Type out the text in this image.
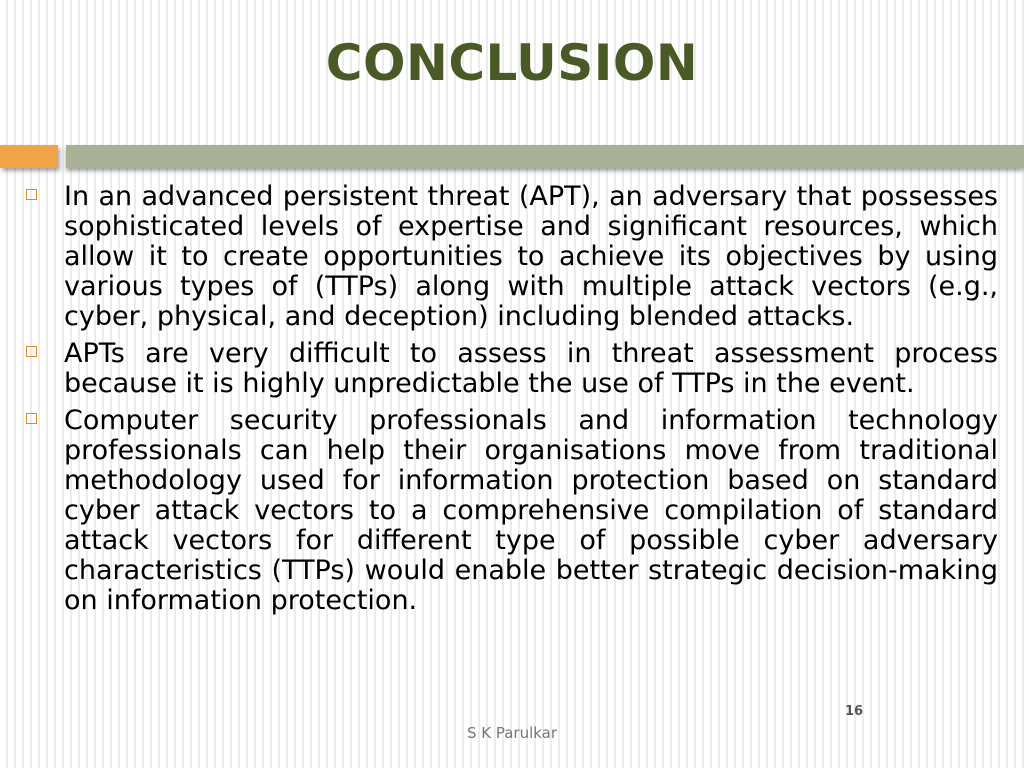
CONCLUSION
In an advanced persistent threat (APT), an adversary that possesses sophisticated levels of expertise and significant resources, which allow it to create opportunities to achieve its objectives by using various types of (TTPs) along with multiple attack vectors (e.g., cyber, physical, and deception) including blended attacks.
APTs are very difficult to assess in threat assessment process because it is highly unpredictable the use of TTPs in the event.
Computer security professionals and information technology professionals can help their organisations move from traditional methodology used for information protection based on standard cyber attack vectors to a comprehensive compilation of standard attack vectors for different type of possible cyber adversary characteristics (TTPs) would enable better strategic decision-making on information protection.
16
S K Parulkar
